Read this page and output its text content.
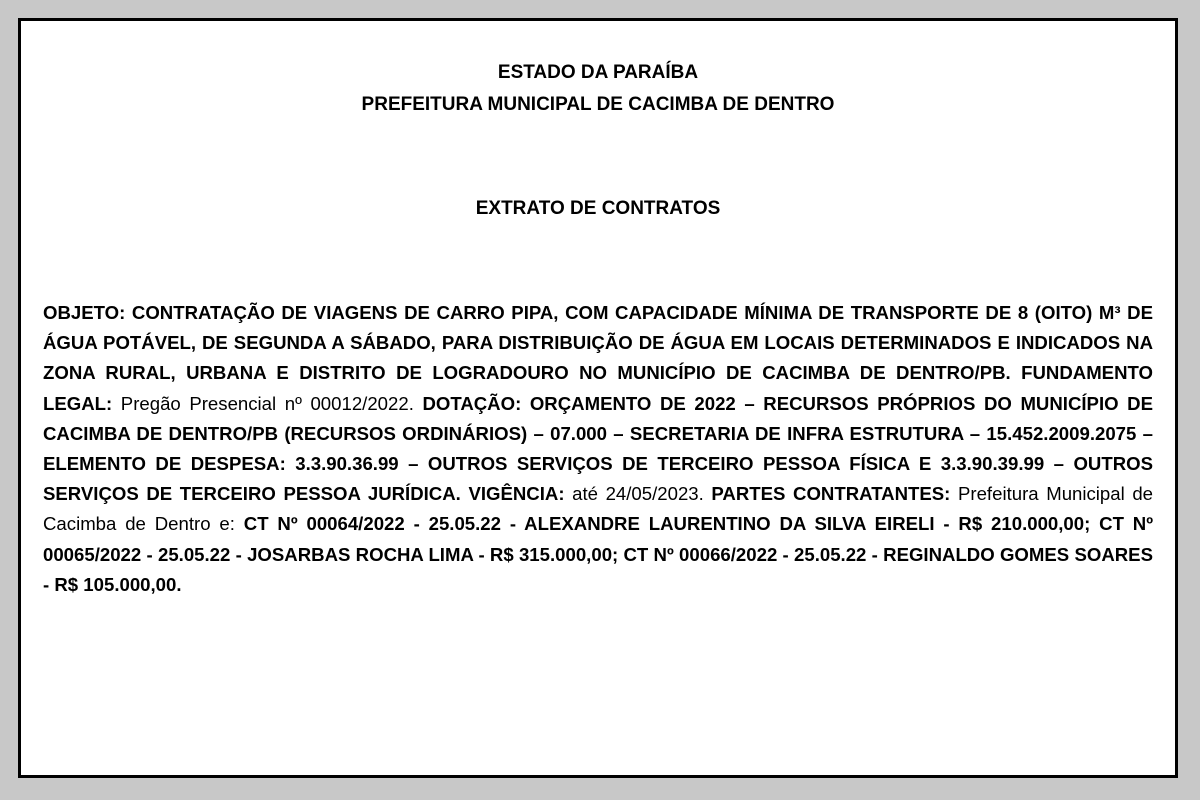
ESTADO DA PARAÍBA
PREFEITURA MUNICIPAL DE CACIMBA DE DENTRO
EXTRATO DE CONTRATOS
OBJETO: CONTRATAÇÃO DE VIAGENS DE CARRO PIPA, COM CAPACIDADE MÍNIMA DE TRANSPORTE DE 8 (OITO) M³ DE ÁGUA POTÁVEL, DE SEGUNDA A SÁBADO, PARA DISTRIBUIÇÃO DE ÁGUA EM LOCAIS DETERMINADOS E INDICADOS NA ZONA RURAL, URBANA E DISTRITO DE LOGRADOURO NO MUNICÍPIO DE CACIMBA DE DENTRO/PB. FUNDAMENTO LEGAL: Pregão Presencial nº 00012/2022. DOTAÇÃO: ORÇAMENTO DE 2022 – RECURSOS PRÓPRIOS DO MUNICÍPIO DE CACIMBA DE DENTRO/PB (RECURSOS ORDINÁRIOS) – 07.000 – SECRETARIA DE INFRA ESTRUTURA – 15.452.2009.2075 – ELEMENTO DE DESPESA: 3.3.90.36.99 – OUTROS SERVIÇOS DE TERCEIRO PESSOA FÍSICA E 3.3.90.39.99 – OUTROS SERVIÇOS DE TERCEIRO PESSOA JURÍDICA. VIGÊNCIA: até 24/05/2023. PARTES CONTRATANTES: Prefeitura Municipal de Cacimba de Dentro e: CT Nº 00064/2022 - 25.05.22 - ALEXANDRE LAURENTINO DA SILVA EIRELI - R$ 210.000,00; CT Nº 00065/2022 - 25.05.22 - JOSARBAS ROCHA LIMA - R$ 315.000,00; CT Nº 00066/2022 - 25.05.22 - REGINALDO GOMES SOARES - R$ 105.000,00.
